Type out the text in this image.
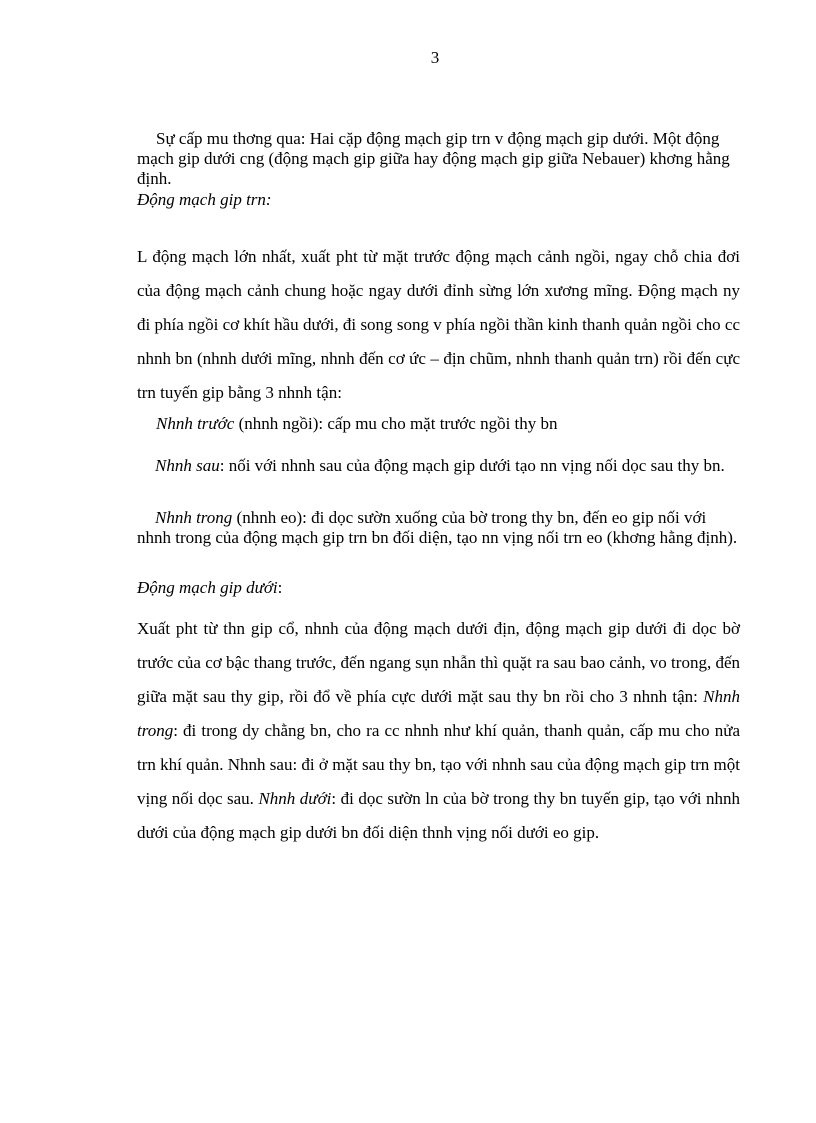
3

Sự cấp mu thơng qua: Hai cặp động mạch gip trn v động mạch gip dưới. Một động mạch gip dưới cng (động mạch gip giữa hay động mạch gip giữa Nebauer) khơng hằng định.

Động mạch gip trn:

L động mạch lớn nhất, xuất pht từ mặt trước động mạch cảnh ngồi, ngay chỗ chia đơi của động mạch cảnh chung hoặc ngay dưới đỉnh sừng lớn xương mĩng. Động mạch ny đi phía ngồi cơ khít hầu dưới, đi song song v phía ngồi thần kinh thanh quản ngồi cho cc nhnh bn (nhnh dưới mĩng, nhnh đến cơ ức – địn chũm, nhnh thanh quản trn) rồi đến cực trn tuyến gip bằng 3 nhnh tận:

Nhnh trước (nhnh ngồi): cấp mu cho mặt trước ngồi thy bn

Nhnh sau: nối với nhnh sau của động mạch gip dưới tạo nn vịng nối dọc sau thy bn.

Nhnh trong (nhnh eo): đi dọc sườn xuống của bờ trong thy bn, đến eo gip nối với nhnh trong của động mạch gip trn bn đối diện, tạo nn vịng nối trn eo (khơng hằng định).

Động mạch gip dưới:

Xuất pht từ thn gip cổ, nhnh của động mạch dưới địn, động mạch gip dưới đi dọc bờ trước của cơ bậc thang trước, đến ngang sụn nhẫn thì quặt ra sau bao cảnh, vo trong, đến giữa mặt sau thy gip, rồi đổ về phía cực dưới mặt sau thy bn rồi cho 3 nhnh tận: Nhnh trong: đi trong dy chằng bn, cho ra cc nhnh như khí quản, thanh quản, cấp mu cho nửa trn khí quản. Nhnh sau: đi ở mặt sau thy bn, tạo với nhnh sau của động mạch gip trn một vịng nối dọc sau. Nhnh dưới: đi dọc sườn ln của bờ trong thy bn tuyến gip, tạo với nhnh dưới của động mạch gip dưới bn đối diện thnh vịng nối dưới eo gip.
